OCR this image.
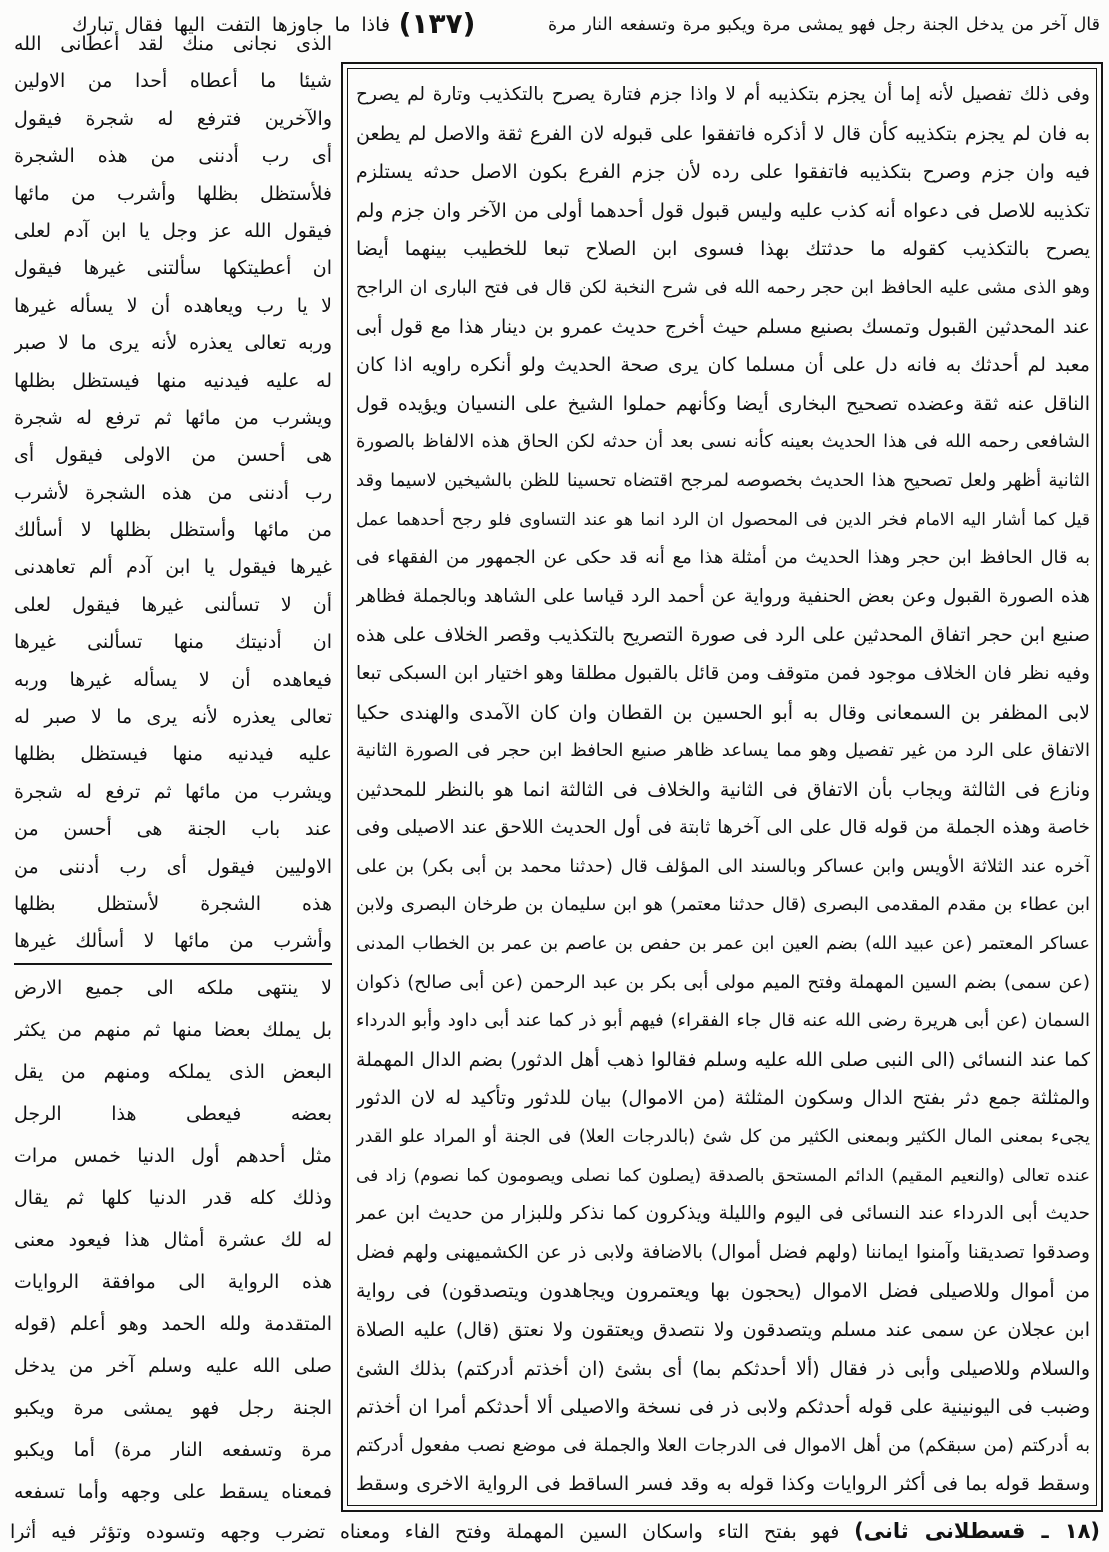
قال آخر من يدخل الجنة رجل فهو يمشى مرة ويكبو مرة وتسفعه النار مرة
(١٣٧)
فاذا ما جاوزها التفت اليها فقال تبارك
الذى نجانى منك لقد أعطانى الله
شيئا ما أعطاه أحدا من الاولين
والآخرين فترفع له شجرة فيقول
أى رب أدننى من هذه الشجرة
فلأستظل بظلها وأشرب من مائها
فيقول الله عز وجل يا ابن آدم لعلى
ان أعطيتكها سألتنى غيرها فيقول
لا يا رب ويعاهده أن لا يسأله غيرها
وربه تعالى يعذره لأنه يرى ما لا صبر
له عليه فيدنيه منها فيستظل بظلها
ويشرب من مائها ثم ترفع له شجرة
هى أحسن من الاولى فيقول أى
رب أدننى من هذه الشجرة لأشرب
من مائها وأستظل بظلها لا أسألك
غيرها فيقول يا ابن آدم ألم تعاهدنى
أن لا تسألنى غيرها فيقول لعلى
ان أدنيتك منها تسألنى غيرها
فيعاهده أن لا يسأله غيرها وربه
تعالى يعذره لأنه يرى ما لا صبر له
عليه فيدنيه منها فيستظل بظلها
ويشرب من مائها ثم ترفع له شجرة
عند باب الجنة هى أحسن من
الاوليين فيقول أى رب أدننى من
هذه الشجرة لأستظل بظلها
وأشرب من مائها لا أسألك غيرها
لا ينتهى ملكه الى جميع الارض
بل يملك بعضا منها ثم منهم من يكثر
البعض الذى يملكه ومنهم من يقل
بعضه فيعطى هذا الرجل
مثل أحدهم أول الدنيا خمس مرات
وذلك كله قدر الدنيا كلها ثم يقال
له لك عشرة أمثال هذا فيعود معنى
هذه الرواية الى موافقة الروايات
المتقدمة ولله الحمد وهو أعلم (قوله
صلى الله عليه وسلم آخر من يدخل
الجنة رجل فهو يمشى مرة ويكبو
مرة وتسفعه النار مرة) أما ويكبو
فمعناه يسقط على وجهه وأما تسفعه
وفى ذلك تفصيل لأنه إما أن يجزم بتكذيبه أم لا واذا جزم فتارة يصرح بالتكذيب وتارة لم يصرح
به فان لم يجزم بتكذيبه كأن قال لا أذكره فاتفقوا على قبوله لان الفرع ثقة والاصل لم يطعن
فيه وان جزم وصرح بتكذيبه فاتفقوا على رده لأن جزم الفرع بكون الاصل حدثه يستلزم
تكذيبه للاصل فى دعواه أنه كذب عليه وليس قبول قول أحدهما أولى من الآخر وان جزم ولم
يصرح بالتكذيب كقوله ما حدثتك بهذا فسوى ابن الصلاح تبعا للخطيب بينهما أيضا
وهو الذى مشى عليه الحافظ ابن حجر رحمه الله فى شرح النخبة لكن قال فى فتح البارى ان الراجح
عند المحدثين القبول وتمسك بصنيع مسلم حيث أخرج حديث عمرو بن دينار هذا مع قول أبى
معبد لم أحدثك به فانه دل على أن مسلما كان يرى صحة الحديث ولو أنكره راويه اذا كان
الناقل عنه ثقة وعضده تصحيح البخارى أيضا وكأنهم حملوا الشيخ على النسيان ويؤيده قول
الشافعى رحمه الله فى هذا الحديث بعينه كأنه نسى بعد أن حدثه لكن الحاق هذه الالفاظ بالصورة
الثانية أظهر ولعل تصحيح هذا الحديث بخصوصه لمرجح اقتضاه تحسينا للظن بالشيخين لاسيما وقد
قيل كما أشار اليه الامام فخر الدين فى المحصول ان الرد انما هو عند التساوى فلو رجح أحدهما عمل
به قال الحافظ ابن حجر وهذا الحديث من أمثلة هذا مع أنه قد حكى عن الجمهور من الفقهاء فى
هذه الصورة القبول وعن بعض الحنفية ورواية عن أحمد الرد قياسا على الشاهد وبالجملة فظاهر
صنيع ابن حجر اتفاق المحدثين على الرد فى صورة التصريح بالتكذيب وقصر الخلاف على هذه
وفيه نظر فان الخلاف موجود فمن متوقف ومن قائل بالقبول مطلقا وهو اختيار ابن السبكى تبعا
لابى المظفر بن السمعانى وقال به أبو الحسين بن القطان وان كان الآمدى والهندى حكيا
الاتفاق على الرد من غير تفصيل وهو مما يساعد ظاهر صنيع الحافظ ابن حجر فى الصورة الثانية
ونازع فى الثالثة ويجاب بأن الاتفاق فى الثانية والخلاف فى الثالثة انما هو بالنظر للمحدثين
خاصة وهذه الجملة من قوله قال على الى آخرها ثابتة فى أول الحديث اللاحق عند الاصيلى وفى
آخره عند الثلاثة الأويس وابن عساكر وبالسند الى المؤلف قال (حدثنا محمد بن أبى بكر) بن على
ابن عطاء بن مقدم المقدمى البصرى (قال حدثنا معتمر) هو ابن سليمان بن طرخان البصرى ولابن
عساكر المعتمر (عن عبيد الله) بضم العين ابن عمر بن حفص بن عاصم بن عمر بن الخطاب المدنى
(عن سمى) بضم السين المهملة وفتح الميم مولى أبى بكر بن عبد الرحمن (عن أبى صالح) ذكوان
السمان (عن أبى هريرة رضى الله عنه قال جاء الفقراء) فيهم أبو ذر كما عند أبى داود وأبو الدرداء
كما عند النسائى (الى النبى صلى الله عليه وسلم فقالوا ذهب أهل الدثور) بضم الدال المهملة
والمثلثة جمع دثر بفتح الدال وسكون المثلثة (من الاموال) بيان للدثور وتأكيد له لان الدثور
يجىء بمعنى المال الكثير وبمعنى الكثير من كل شئ (بالدرجات العلا) فى الجنة أو المراد علو القدر
عنده تعالى (والنعيم المقيم) الدائم المستحق بالصدقة (يصلون كما نصلى ويصومون كما نصوم) زاد فى
حديث أبى الدرداء عند النسائى فى اليوم والليلة ويذكرون كما نذكر وللبزار من حديث ابن عمر
وصدقوا تصديقنا وآمنوا ايماننا (ولهم فضل أموال) بالاضافة ولابى ذر عن الكشميهنى ولهم فضل
من أموال وللاصيلى فضل الاموال (يحجون بها ويعتمرون ويجاهدون ويتصدقون) فى رواية
ابن عجلان عن سمى عند مسلم ويتصدقون ولا نتصدق ويعتقون ولا نعتق (قال) عليه الصلاة
والسلام وللاصيلى وأبى ذر فقال (ألا أحدثكم بما) أى بشئ (ان أخذتم أدركتم) بذلك الشئ
وضبب فى اليونينية على قوله أحدثكم ولابى ذر فى نسخة والاصيلى ألا أحدثكم أمرا ان أخذتم
به أدركتم (من سبقكم) من أهل الاموال فى الدرجات العلا والجملة فى موضع نصب مفعول أدركتم
وسقط قوله بما فى أكثر الروايات وكذا قوله به وقد فسر الساقط فى الرواية الاخرى وسقط
(١٨ ـ قسطلانى ثانى) فهو بفتح التاء واسكان السين المهملة وفتح الفاء ومعناه تضرب وجهه وتسوده وتؤثر فيه أثرا
